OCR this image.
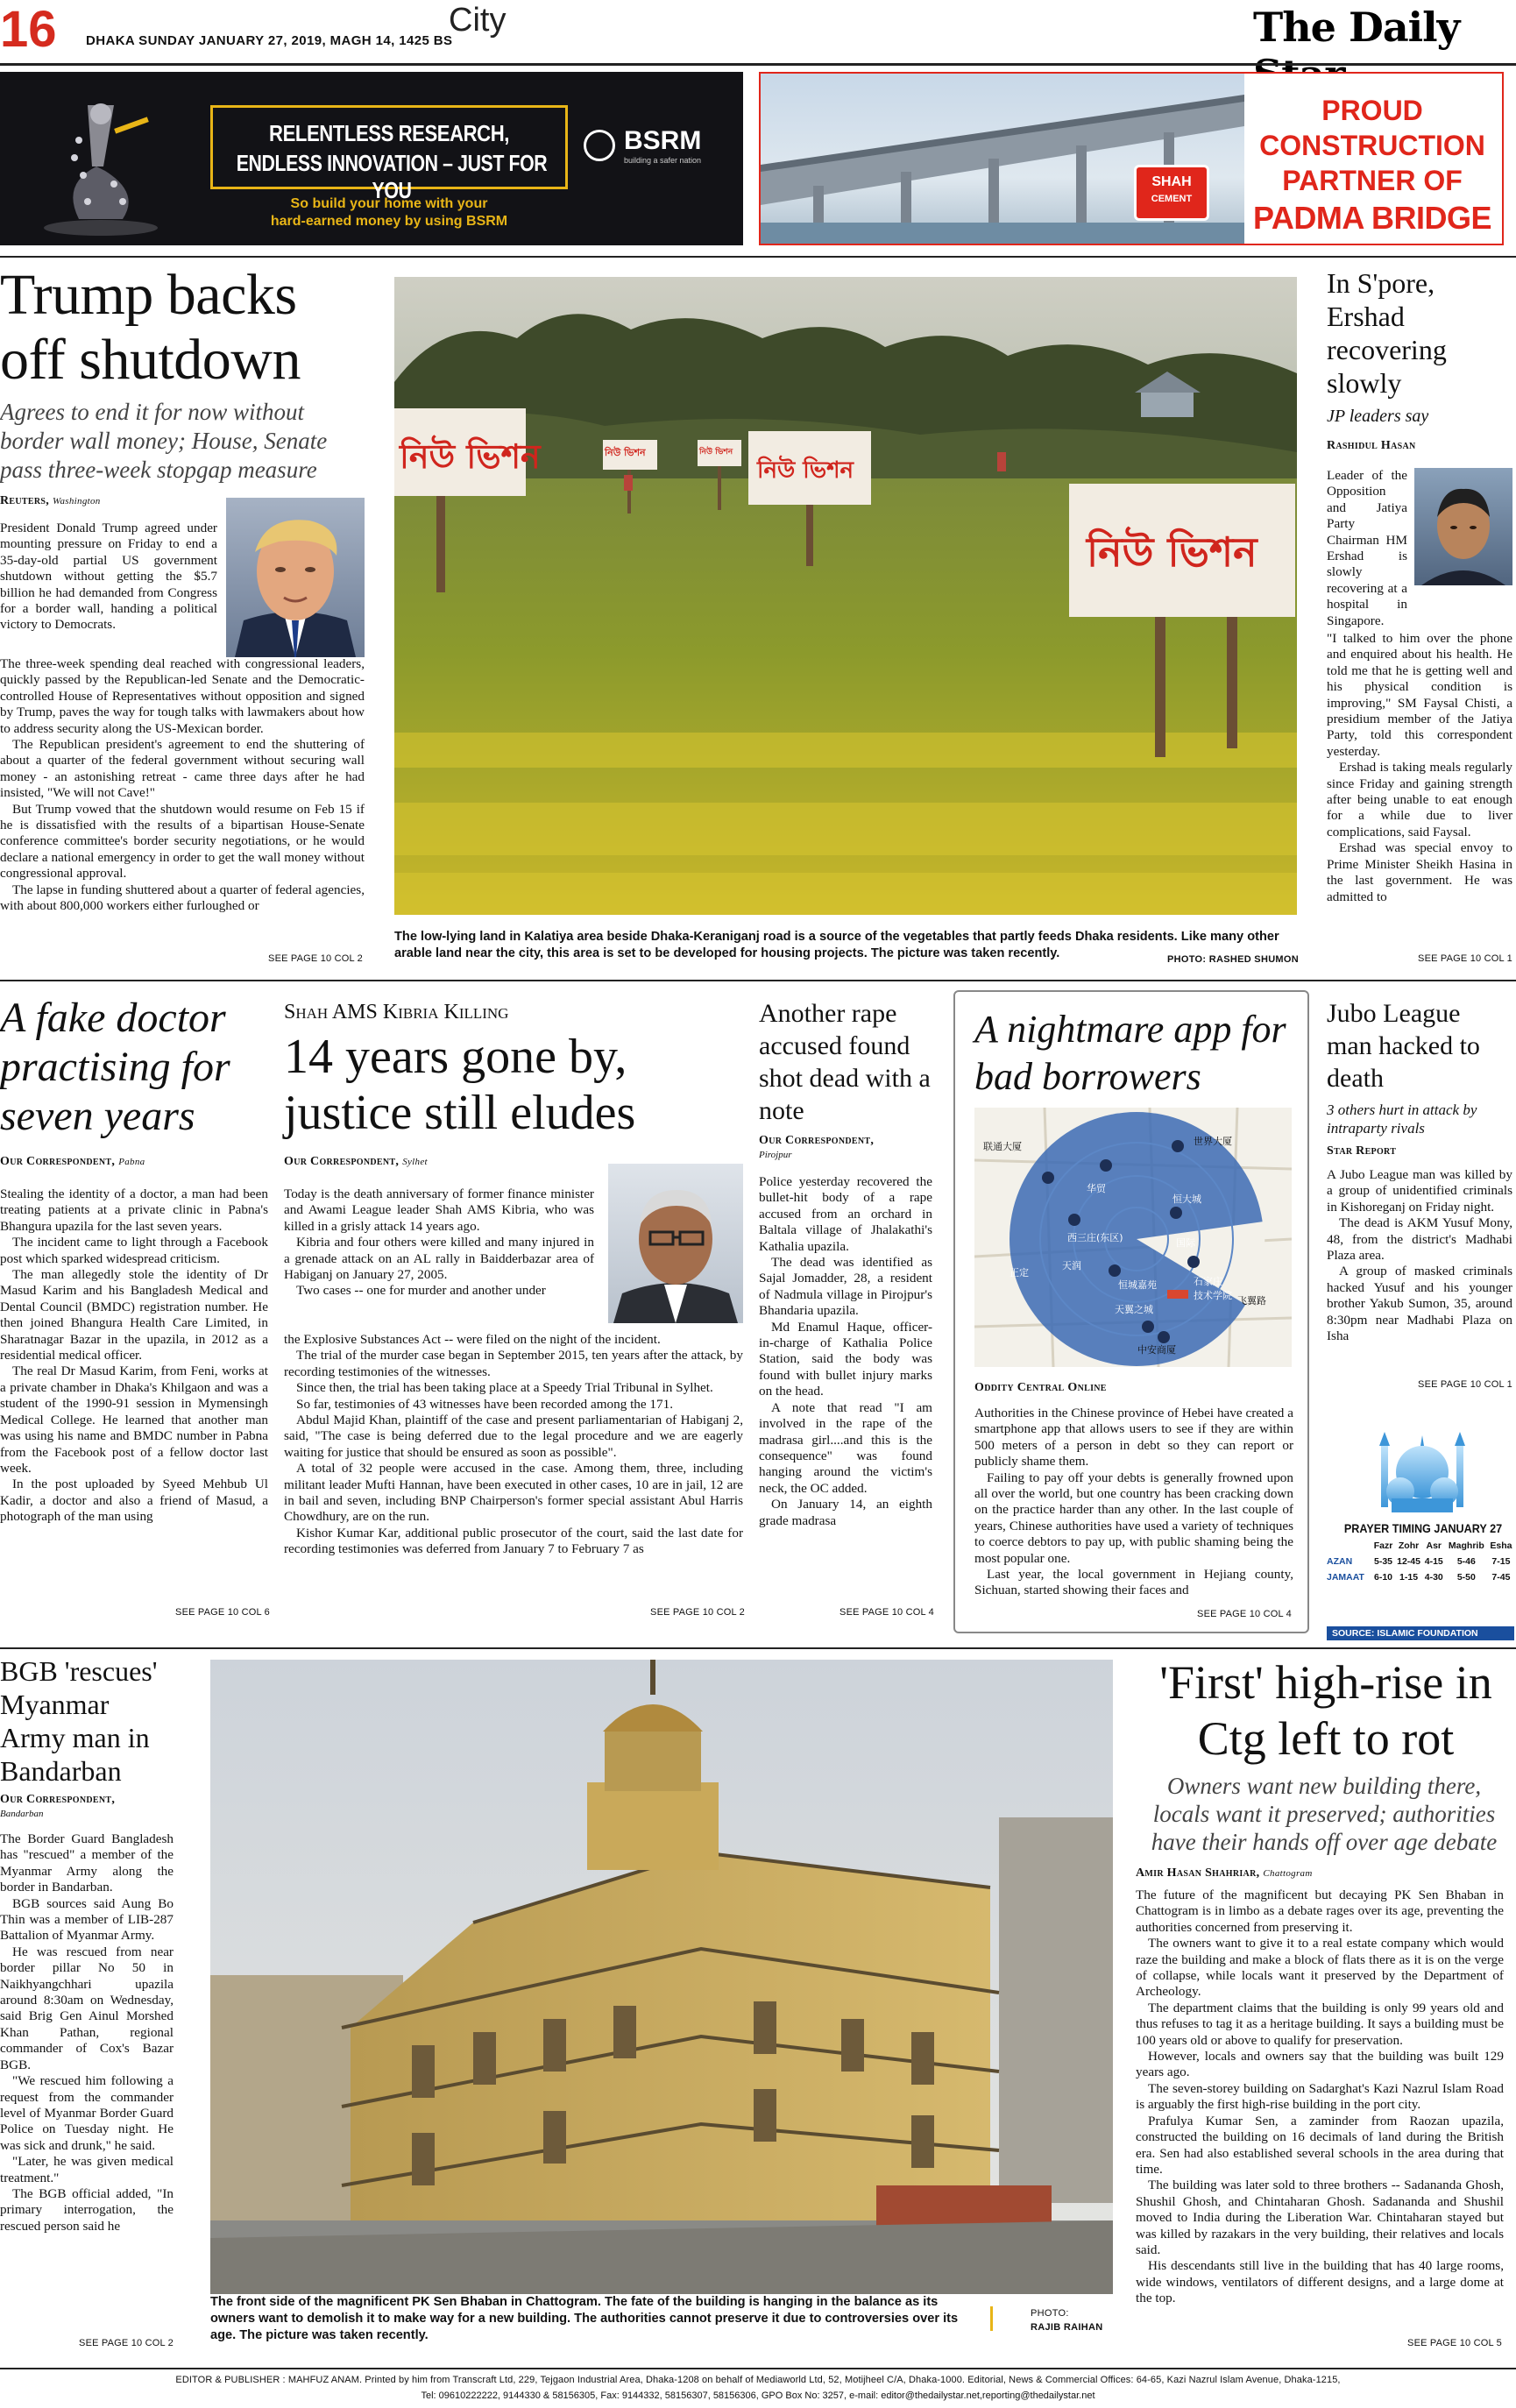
16 DHAKA SUNDAY JANUARY 27, 2019, MAGH 14, 1425 BS
City	The Daily
RELENTLESS RESEARCH,
ENDLESS INNOVATION – JUST FOR YOU
BSRM
building a safer nation
So build your home with your
hard-earned money by using BSRM
SHAH
CEMENT
PROUD
CONSTRUCTION
PARTNER OF
PADMA BRIDGE
Trump backs off shutdown
Agrees to end it for now without border wall money; House, Senate pass three-week stopgap measure
Reuters, Washington

President Donald Trump agreed under mounting pressure on Friday to end a 35-day-old partial US government shutdown without getting the $5.7 billion he had demanded from Congress for a border wall, handing a political victory to Democrats.

The three-week spending deal reached with congressional leaders, quickly passed by the Republican-led Senate and the Democratic-controlled House of Representatives without opposition and signed by Trump, paves the way for tough talks with lawmakers about how to address security along the US-Mexican border.

The Republican president's agreement to end the shuttering of about a quarter of the federal government without securing wall money - an astonishing retreat - came three days after he had insisted, "We will not Cave!"

But Trump vowed that the shutdown would resume on Feb 15 if he is dissatisfied with the results of a bipartisan House-Senate conference committee's border security negotiations, or he would declare a national emergency in order to get the wall money without congressional approval.

The lapse in funding shuttered about a quarter of federal agencies, with about 800,000 workers either furloughed or

SEE PAGE 10 COL 2
নিউ ভিশন	নিউ ভিশন	নিউ ভিশন
নিউ ভিশন
নিউ ভিশন
The low-lying land in Kalatiya area beside Dhaka-Keraniganj road is a source of the vegetables that partly feeds Dhaka residents. Like many other arable land near the city, this area is set to be developed for housing projects. The picture was taken recently.	PHOTO: RASHED SHUMON
In S'pore, Ershad recovering slowly
JP leaders say
Rashidul Hasan

Leader of the Opposition and Jatiya Party Chairman HM Ershad is slowly recovering at a hospital in Singapore.

"I talked to him over the phone and enquired about his health. He told me that he is getting well and his physical condition is improving," SM Faysal Chisti, a presidium member of the Jatiya Party, told this correspondent yesterday.

Ershad is taking meals regularly since Friday and gaining strength after being unable to eat enough for a while due to liver complications, said Faysal.

Ershad was special envoy to Prime Minister Sheikh Hasina in the last government. He was admitted to

SEE PAGE 10 COL 1
A fake doctor practising for seven years
Our Correspondent, Pabna

Stealing the identity of a doctor, a man had been treating patients at a private clinic in Pabna's Bhangura upazila for the last seven years.

The incident came to light through a Facebook post which sparked widespread criticism.

The man allegedly stole the identity of Dr Masud Karim and his Bangladesh Medical and Dental Council (BMDC) registration number. He then joined Bhangura Health Care Limited, in Sharatnagar Bazar in the upazila, in 2012 as a residential medical officer.

The real Dr Masud Karim, from Feni, works at a private chamber in Dhaka's Khilgaon and was a student of the 1990-91 session in Mymensingh Medical College. He learned that another man was using his name and BMDC number in Pabna from the Facebook post of a fellow doctor last week.

In the post uploaded by Syeed Mehbub Ul Kadir, a doctor and also a friend of Masud, a photograph of the man using

SEE PAGE 10 COL 6
Shah AMS Kibria Killing
14 years gone by, justice still eludes
Our Correspondent, Sylhet

Today is the death anniversary of former finance minister and Awami League leader Shah AMS Kibria, who was killed in a grisly attack 14 years ago.

Kibria and four others were killed and many injured in a grenade attack on an AL rally in Baidderbazar area of Habiganj on January 27, 2005.

Two cases -- one for murder and another under

the Explosive Substances Act -- were filed on the night of the incident.

The trial of the murder case began in September 2015, ten years after the attack, by recording testimonies of the witnesses.

Since then, the trial has been taking place at a Speedy Trial Tribunal in Sylhet.

So far, testimonies of 43 witnesses have been recorded among the 171.

Abdul Majid Khan, plaintiff of the case and present parliamentarian of Habiganj 2, said, "The case is being deferred due to the legal procedure and we are eagerly waiting for justice that should be ensured as soon as possible".

A total of 32 people were accused in the case. Among them, three, including militant leader Mufti Hannan, have been executed in other cases, 10 are in jail, 12 are in bail and seven, including BNP Chairperson's former special assistant Abul Harris Chowdhury, are on the run.

Kishor Kumar Kar, additional public prosecutor of the court, said the last date for recording testimonies was deferred from January 7 to February 7 as

SEE PAGE 10 COL 2
Another rape accused found shot dead with a note
Our Correspondent,
Pirojpur

Police yesterday recovered the bullet-hit body of a rape accused from an orchard in Baltala village of Jhalakathi's Kathalia upazila.

The dead was identified as Sajal Jomadder, 28, a resident of Nadmula village in Pirojpur's Bhandaria upazila.

Md Enamul Haque, officer-in-charge of Kathalia Police Station, said the body was found with bullet injury marks on the head.

A note that read "I am involved in the rape of the madrasa girl....and this is the consequence" was found hanging around the victim's neck, the OC added.

On January 14, an eighth grade madrasa

SEE PAGE 10 COL 4
A nightmare app for bad borrowers
联通大厦	世界大厦
恒大城
西三庄(东区)
天润
正定
恒城嘉苑
天翼之城
石家庄
技术学院 飞翼路
中安商厦
国际
华贸
Oddity Central Online

Authorities in the Chinese province of Hebei have created a smartphone app that allows users to see if they are within 500 meters of a person in debt so they can report or publicly shame them.

Failing to pay off your debts is generally frowned upon all over the world, but one country has been cracking down on the practice harder than any other. In the last couple of years, Chinese authorities have used a variety of techniques to coerce debtors to pay up, with public shaming being the most popular one.

Last year, the local government in Hejiang county, Sichuan, started showing their faces and

SEE PAGE 10 COL 4
Jubo League man hacked to death
3 others hurt in attack by intraparty rivals
Star Report

A Jubo League man was killed by a group of unidentified criminals in Kishoreganj on Friday night.

The dead is AKM Yusuf Mony, 48, from the district's Madhabi Plaza area.

A group of masked criminals hacked Yusuf and his younger brother Yakub Sumon, 35, around 8:30pm near Madhabi Plaza on Isha

SEE PAGE 10 COL 1
PRAYER TIMING JANUARY 27
	Fazr	Zohr	Asr	Maghrib	Esha
AZAN	5-35	12-45	4-15	5-46	7-15
JAMAAT	6-10	1-15	4-30	5-50	7-45
SOURCE: ISLAMIC FOUNDATION
BGB 'rescues' Myanmar Army man in Bandarban
Our Correspondent,
Bandarban

The Border Guard Bangladesh has "rescued" a member of the Myanmar Army along the border in Bandarban.

BGB sources said Aung Bo Thin was a member of LIB-287 Battalion of Myanmar Army.

He was rescued from near border pillar No 50 in Naikhyangchhari upazila around 8:30am on Wednesday, said Brig Gen Ainul Morshed Khan Pathan, regional commander of Cox's Bazar BGB.

"We rescued him following a request from the commander level of Myanmar Border Guard Police on Tuesday night. He was sick and drunk," he said.

"Later, he was given medical treatment."

The BGB official added, "In primary interrogation, the rescued person said he

SEE PAGE 10 COL 2
The front side of the magnificent PK Sen Bhaban in Chattogram. The fate of the building is hanging in the balance as its owners want to demolish it to make way for a new building. The authorities cannot preserve it due to controversies over its age. The picture was taken recently.
PHOTO:
RAJIB RAIHAN
'First' high-rise in Ctg left to rot
Owners want new building there, locals want it preserved; authorities have their hands off over age debate
Amir Hasan Shahriar, Chattogram

The future of the magnificent but decaying PK Sen Bhaban in Chattogram is in limbo as a debate rages over its age, preventing the authorities concerned from preserving it.

The owners want to give it to a real estate company which would raze the building and make a block of flats there as it is on the verge of collapse, while locals want it preserved by the Department of Archeology.

The department claims that the building is only 99 years old and thus refuses to tag it as a heritage building. It says a building must be 100 years old or above to qualify for preservation.

However, locals and owners say that the building was built 129 years ago.

The seven-storey building on Sadarghat's Kazi Nazrul Islam Road is arguably the first high-rise building in the port city.

Prafulya Kumar Sen, a zaminder from Raozan upazila, constructed the building on 16 decimals of land during the British era. Sen had also established several schools in the area during that time.

The building was later sold to three brothers -- Sadananda Ghosh, Shushil Ghosh, and Chintaharan Ghosh. Sadananda and Shushil moved to India during the Liberation War. Chintaharan stayed but was killed by razakars in the very building, their relatives and locals said.

His descendants still live in the building that has 40 large rooms, wide windows, ventilators of different designs, and a large dome at the top.

SEE PAGE 10 COL 5
EDITOR & PUBLISHER : MAHFUZ ANAM. Printed by him from Transcraft Ltd, 229, Tejgaon Industrial Area, Dhaka-1208 on behalf of Mediaworld Ltd, 52, Motijheel C/A, Dhaka-1000. Editorial, News & Commercial Offices: 64-65, Kazi Nazrul Islam Avenue, Dhaka-1215,
Tel: 09610222222, 9144330 & 58156305, Fax: 9144332, 58156307, 58156306, GPO Box No: 3257, e-mail: editor@thedailystar.net,reporting@thedailystar.net
